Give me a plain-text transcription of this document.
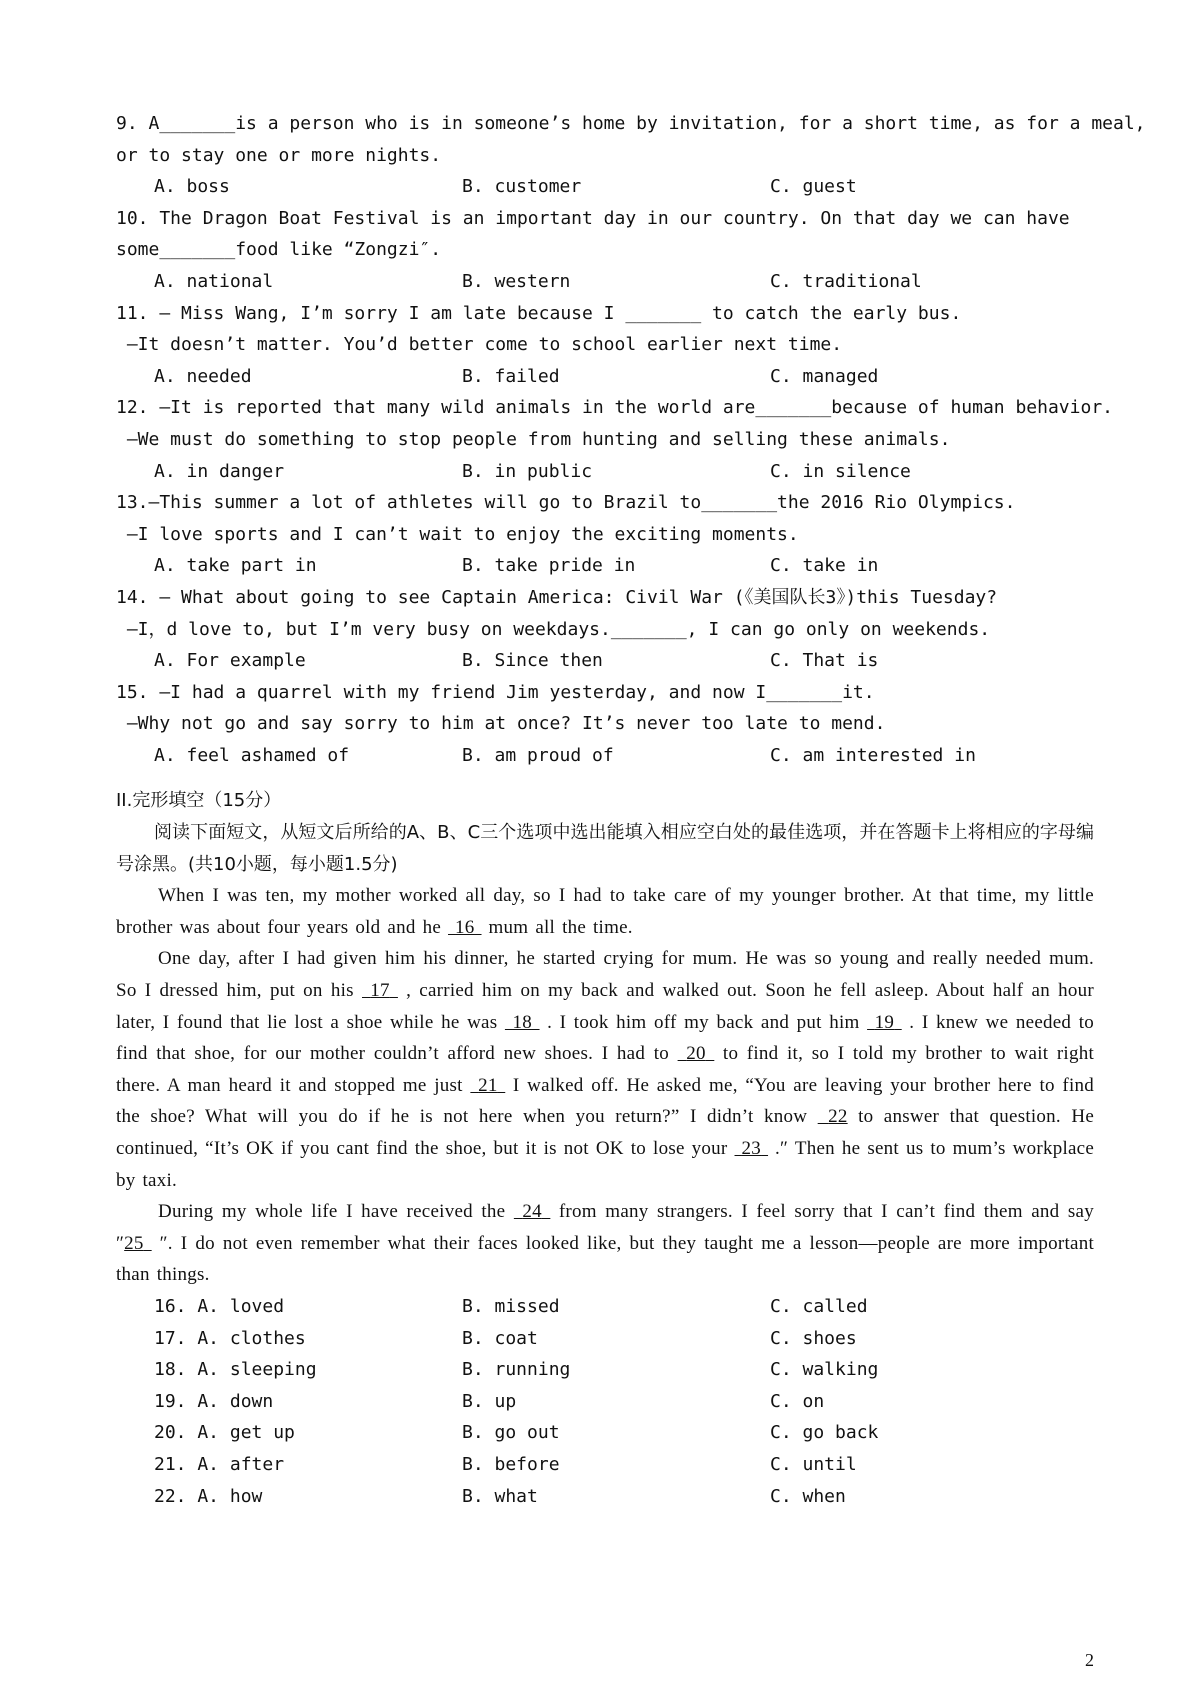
9. A_______is a person who is in someone’s home by invitation, for a short time, as for a meal,
or to stay one or more nights.
A. boss	B. customer	C. guest
10. The Dragon Boat Festival is an important day in our country. On that day we can have
some_______food like “Zongzi″.
A. national	B. western	C. traditional
11. — Miss Wang, I’m sorry I am late because I _______ to catch the early bus.
—It doesn’t matter. You’d better come to school earlier next time.
A. needed	B. failed	C. managed
12. —It is reported that many wild animals in the world are_______because of human behavior.
—We must do something to stop people from hunting and selling these animals.
A. in danger	B. in public	C. in silence
13.—This summer a lot of athletes will go to Brazil to_______the 2016 Rio Olympics.
—I love sports and I can’t wait to enjoy the exciting moments.
A. take part in	B. take pride in	C. take in
14. — What about going to see Captain America: Civil War (《美国队长3》)this Tuesday?
—I，d love to, but I’m very busy on weekdays._______, I can go only on weekends.
A. For example	B. Since then	C. That is
15. —I had a quarrel with my friend Jim yesterday, and now I_______it.
—Why not go and say sorry to him at once? It’s never too late to mend.
A. feel ashamed of	B. am proud of	C. am interested in
II.完形填空（15分）
阅读下面短文，从短文后所给的A、B、C三个选项中选出能填入相应空白处的最佳选项，并在答题卡上将相应的字母编号涂黑。(共10小题，每小题1.5分)
When I was ten, my mother worked all day, so I had to take care of my younger brother. At that time, my little brother was about four years old and he  16  mum all the time.
One day, after I had given him his dinner, he started crying for mum. He was so young and really needed mum. So I dressed him, put on his  17  , carried him on my back and walked out. Soon he fell asleep. About half an hour later, I found that lie lost a shoe while he was  18  . I took him off my back and put him  19  . I knew we needed to find that shoe, for our mother couldn’t afford new shoes. I had to  20  to find it, so I told my brother to wait right there. A man heard it and stopped me just  21  I walked off. He asked me, “You are leaving your brother here to find the shoe? What will you do if he is not here when you return?” I didn’t know  22 to answer that question. He continued, “It’s OK if you cant find the shoe, but it is not OK to lose your  23  .″ Then he sent us to mum’s workplace by taxi.
During my whole life I have received the  24  from many strangers. I feel sorry that I can’t find them and say ″25  ″. I do not even remember what their faces looked like, but they taught me a lesson—people are more important than things.
16. A. loved	B. missed	C. called
17. A. clothes	B. coat	C. shoes
18. A. sleeping	B. running	C. walking
19. A. down	B. up	C. on
20. A. get up	B. go out	C. go back
21. A. after	B. before	C. until
22. A. how	B. what	C. when
2
